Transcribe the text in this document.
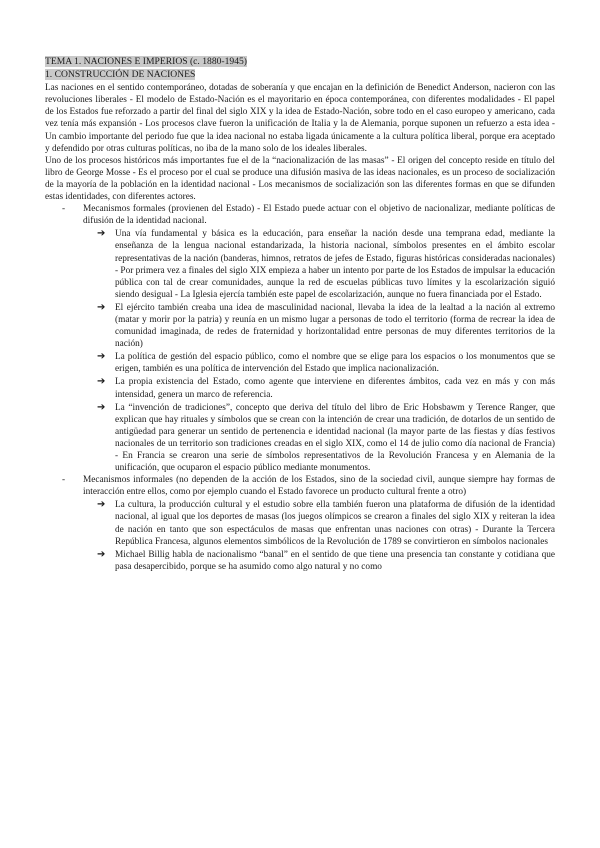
TEMA 1. NACIONES E IMPERIOS (c. 1880-1945)

1. CONSTRUCCIÓN DE NACIONES

Las naciones en el sentido contemporáneo, dotadas de soberanía y que encajan en la definición de Benedict Anderson, nacieron con las revoluciones liberales - El modelo de Estado-Nación es el mayoritario en época contemporánea, con diferentes modalidades - El papel de los Estados fue reforzado a partir del final del siglo XIX y la idea de Estado-Nación, sobre todo en el caso europeo y americano, cada vez tenía más expansión - Los procesos clave fueron la unificación de Italia y la de Alemania, porque suponen un refuerzo a esta idea - Un cambio importante del periodo fue que la idea nacional no estaba ligada únicamente a la cultura política liberal, porque era aceptado y defendido por otras culturas políticas, no iba de la mano solo de los ideales liberales.

Uno de los procesos históricos más importantes fue el de la “nacionalización de las masas” - El origen del concepto reside en título del libro de George Mosse - Es el proceso por el cual se produce una difusión masiva de las ideas nacionales, es un proceso de socialización de la mayoría de la población en la identidad nacional - Los mecanismos de socialización son las diferentes formas en que se difunden estas identidades, con diferentes actores.

- Mecanismos formales (provienen del Estado) - El Estado puede actuar con el objetivo de nacionalizar, mediante políticas de difusión de la identidad nacional.
➔ Una vía fundamental y básica es la educación, para enseñar la nación desde una temprana edad, mediante la enseñanza de la lengua nacional estandarizada, la historia nacional, símbolos presentes en el ámbito escolar representativas de la nación (banderas, himnos, retratos de jefes de Estado, figuras históricas consideradas nacionales) - Por primera vez a finales del siglo XIX empieza a haber un intento por parte de los Estados de impulsar la educación pública con tal de crear comunidades, aunque la red de escuelas públicas tuvo límites y la escolarización siguió siendo desigual - La Iglesia ejercía también este papel de escolarización, aunque no fuera financiada por el Estado.
➔ El ejército también creaba una idea de masculinidad nacional, llevaba la idea de la lealtad a la nación al extremo (matar y morir por la patria) y reunía en un mismo lugar a personas de todo el territorio (forma de recrear la idea de comunidad imaginada, de redes de fraternidad y horizontalidad entre personas de muy diferentes territorios de la nación)
➔ La política de gestión del espacio público, como el nombre que se elige para los espacios o los monumentos que se erigen, también es una política de intervención del Estado que implica nacionalización.
➔ La propia existencia del Estado, como agente que interviene en diferentes ámbitos, cada vez en más y con más intensidad, genera un marco de referencia.
➔ La “invención de tradiciones”, concepto que deriva del título del libro de Eric Hobsbawm y Terence Ranger, que explican que hay rituales y símbolos que se crean con la intención de crear una tradición, de dotarlos de un sentido de antigüedad para generar un sentido de pertenencia e identidad nacional (la mayor parte de las fiestas y días festivos nacionales de un territorio son tradiciones creadas en el siglo XIX, como el 14 de julio como día nacional de Francia) - En Francia se crearon una serie de símbolos representativos de la Revolución Francesa y en Alemania de la unificación, que ocuparon el espacio público mediante monumentos.
- Mecanismos informales (no dependen de la acción de los Estados, sino de la sociedad civil, aunque siempre hay formas de interacción entre ellos, como por ejemplo cuando el Estado favorece un producto cultural frente a otro)
➔ La cultura, la producción cultural y el estudio sobre ella también fueron una plataforma de difusión de la identidad nacional, al igual que los deportes de masas (los juegos olímpicos se crearon a finales del siglo XIX y reiteran la idea de nación en tanto que son espectáculos de masas que enfrentan unas naciones con otras) - Durante la Tercera República Francesa, algunos elementos simbólicos de la Revolución de 1789 se convirtieron en símbolos nacionales
➔ Michael Billig habla de nacionalismo “banal” en el sentido de que tiene una presencia tan constante y cotidiana que pasa desapercibido, porque se ha asumido como algo natural y no como
